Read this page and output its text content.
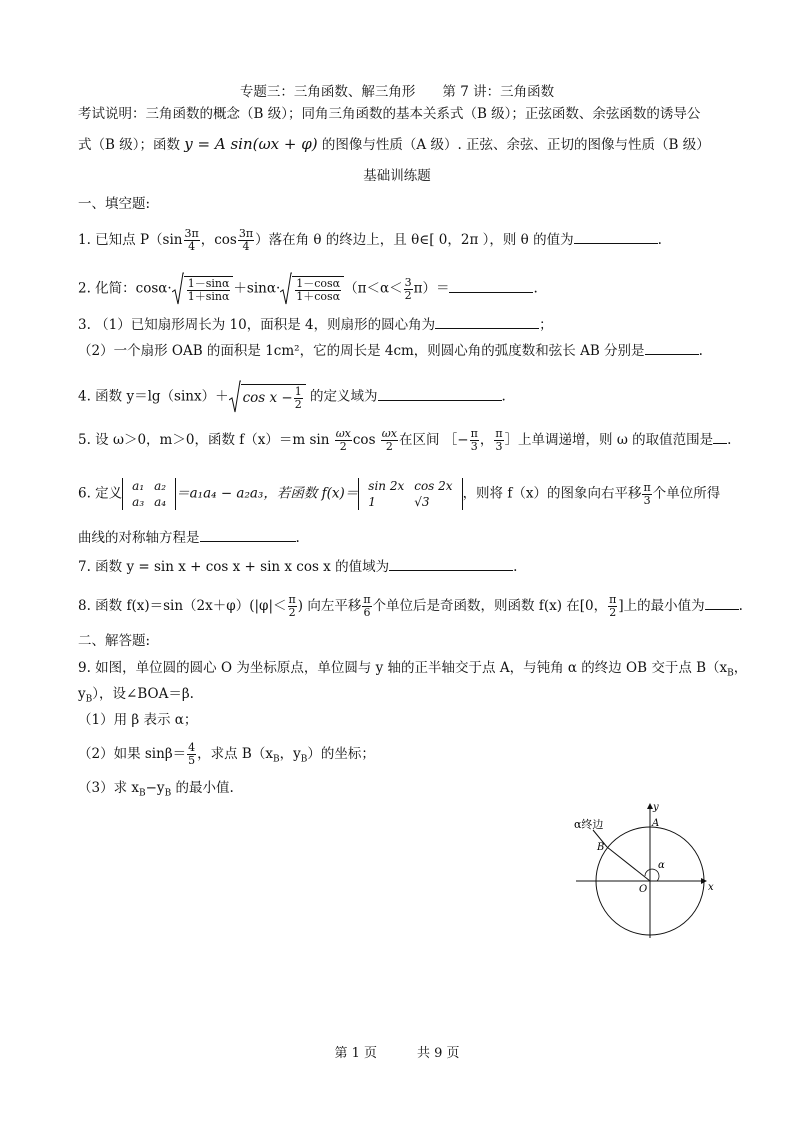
专题三：三角函数、解三角形　　第 7 讲：三角函数
考试说明：三角函数的概念（B 级）；同角三角函数的基本关系式（B 级）；正弦函数、余弦函数的诱导公
式（B 级）；函数 y = A sin(ωx + φ) 的图像与性质（A 级）. 正弦、余弦、正切的图像与性质（B 级）
基础训练题
一、填空题:
1. 已知点 $P(\sin \frac{3\pi}{4}$ ，$\cos \frac{3\pi}{4}$ ）落在角 θ 的终边上，且 θ∈[ 0，2π ），则 θ 的值为	.
2. 化简：$\cos\alpha\cdot \frac{1-\sin\alpha}{1+\sin\alpha} +\sin\alpha\cdot \frac{1-\cos\alpha}{1+\cos\alpha} (\pi<\alpha< \frac{3}{2} \pi)=$	.
3. （1）已知扇形周长为 10，面积是 4，则扇形的圆心角为	；
（2）一个扇形 OAB 的面积是 1cm²，它的周长是 4cm，则圆心角的弧度数和弦长 AB 分别是	.
4. 函数 $y=\lg(\sin x)+ \cos x - \frac{1}{2}$ 的定义域为	.
5. 设 ω＞0，m＞0，函数 f（x）＝m $\sin \frac{\omega x}{2}$ $\cos \frac{\omega x}{2}$ 在区间 ［− $\frac{\pi}{3}$ ， $\frac{\pi}{3}$ ］上单调递增，则 ω 的取值范围是 .
6. 定义 a₁	a₂
a₃	a₄
＝a₁a₄ − a₂a₃，若函数 f(x)＝ sin 2x	cos 2x
1	√3
，则将 f（x）的图象向右平移 $\frac{\pi}{3}$ 个单位所得
曲线的对称轴方程是	.
7. 函数 y = sin x + cos x + sin x cos x 的值域为	.
8. 函数 $f(x)=\sin(2x+\varphi)(|\varphi|< \frac{\pi}{2}$ ) 向左平移 $\frac{\pi}{6}$ 个单位后是奇函数，则函数 f(x) 在[0， $\frac{\pi}{2}$ ]上的最小值为	.
二、解答题:
9. 如图，单位圆的圆心 O 为坐标原点，单位圆与 y 轴的正半轴交于点 A，与钝角 α 的终边 OB 交于点 $B(x_B$，
$y_B$），设∠BOA＝β.
（1）用 β 表示 α；
（2）如果 $\sin\beta= \frac{4}{5}$ ，求点 $B(x_B$，$y_B$）的坐标；
（3）求 $x_B-y_B$ 的最小值.
α终边	A
B
O	x
y
α
第 1 页	共 9 页
